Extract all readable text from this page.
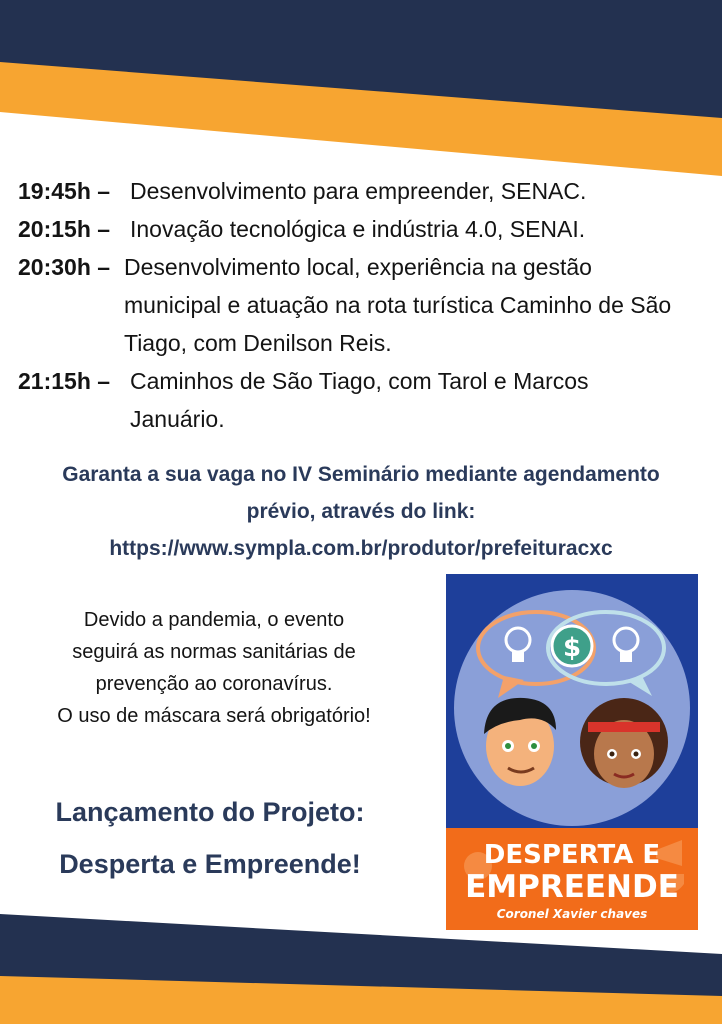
19:45h – Desenvolvimento para empreender, SENAC.
20:15h – Inovação tecnológica e indústria 4.0, SENAI.
20:30h – Desenvolvimento local, experiência na gestão municipal e atuação na rota turística Caminho de São Tiago, com Denilson Reis.
21:15h – Caminhos de São Tiago, com Tarol e Marcos Januário.
Garanta a sua vaga no IV Seminário mediante agendamento
prévio, através do link:
https://www.sympla.com.br/produtor/prefeituracxc
Devido a pandemia, o evento
seguirá as normas sanitárias de
prevenção ao coronavírus.
O uso de máscara será obrigatório!
Lançamento do Projeto:
Desperta e Empreende!
$
DESPERTA E
EMPREENDE
Coronel Xavier chaves
